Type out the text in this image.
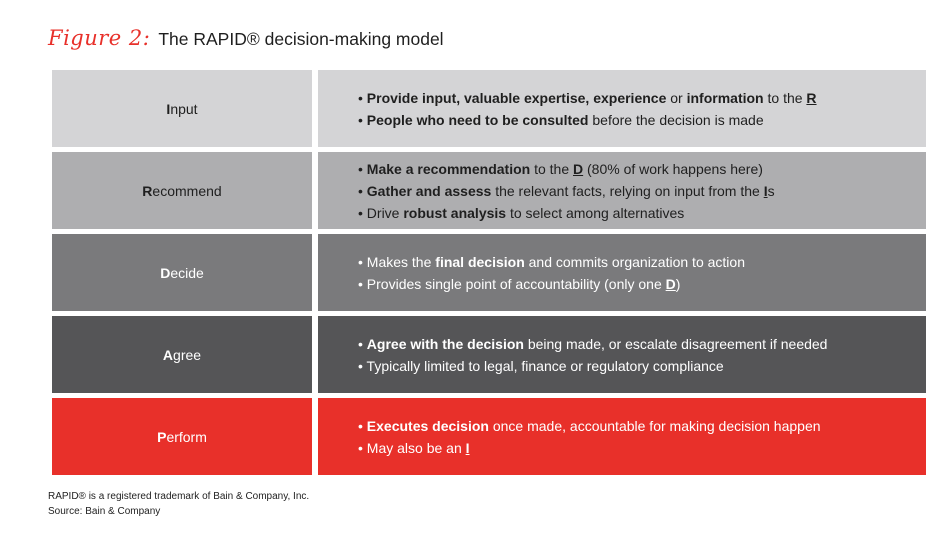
Figure 2: The RAPID® decision-making model
I nput
• Provide input, valuable expertise, experience or information to the R
• People who need to be consulted before the decision is made
R ecommend
• Make a recommendation to the D (80% of work happens here)
• Gather and assess the relevant facts, relying on input from the Is
• Drive robust analysis to select among alternatives
D ecide
• Makes the final decision and commits organization to action
• Provides single point of accountability (only one D)
A gree
• Agree with the decision being made, or escalate disagreement if needed
• Typically limited to legal, finance or regulatory compliance
P erform
• Executes decision once made, accountable for making decision happen
• May also be an I
RAPID® is a registered trademark of Bain & Company, Inc.
Source: Bain & Company
